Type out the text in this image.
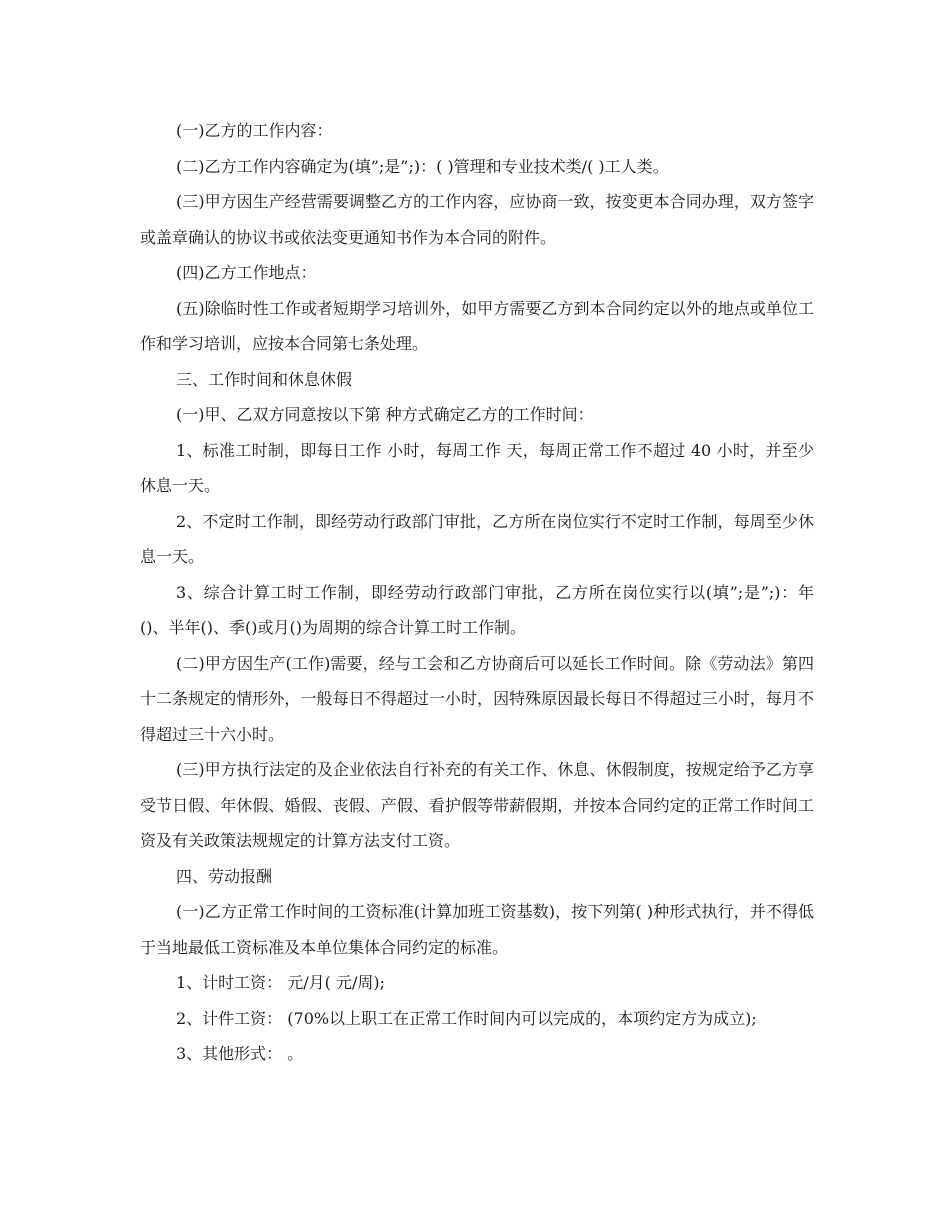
(一)乙方的工作内容：

(二)乙方工作内容确定为(填”;是”;)：( )管理和专业技术类/( )工人类。

(三)甲方因生产经营需要调整乙方的工作内容，应协商一致，按变更本合同办理，双方签字或盖章确认的协议书或依法变更通知书作为本合同的附件。

(四)乙方工作地点：

(五)除临时性工作或者短期学习培训外，如甲方需要乙方到本合同约定以外的地点或单位工作和学习培训，应按本合同第七条处理。

三、工作时间和休息休假

(一)甲、乙双方同意按以下第 种方式确定乙方的工作时间：

1、标准工时制，即每日工作 小时，每周工作 天，每周正常工作不超过 40 小时，并至少休息一天。

2、不定时工作制，即经劳动行政部门审批，乙方所在岗位实行不定时工作制，每周至少休息一天。

3、综合计算工时工作制，即经劳动行政部门审批，乙方所在岗位实行以(填”;是”;)：年()、半年()、季()或月()为周期的综合计算工时工作制。

(二)甲方因生产(工作)需要，经与工会和乙方协商后可以延长工作时间。除《劳动法》第四十二条规定的情形外，一般每日不得超过一小时，因特殊原因最长每日不得超过三小时，每月不得超过三十六小时。

(三)甲方执行法定的及企业依法自行补充的有关工作、休息、休假制度，按规定给予乙方享受节日假、年休假、婚假、丧假、产假、看护假等带薪假期，并按本合同约定的正常工作时间工资及有关政策法规规定的计算方法支付工资。

四、劳动报酬

(一)乙方正常工作时间的工资标准(计算加班工资基数)，按下列第( )种形式执行，并不得低于当地最低工资标准及本单位集体合同约定的标准。

1、计时工资： 元/月( 元/周);

2、计件工资： (70%以上职工在正常工作时间内可以完成的，本项约定方为成立);

3、其他形式： 。
